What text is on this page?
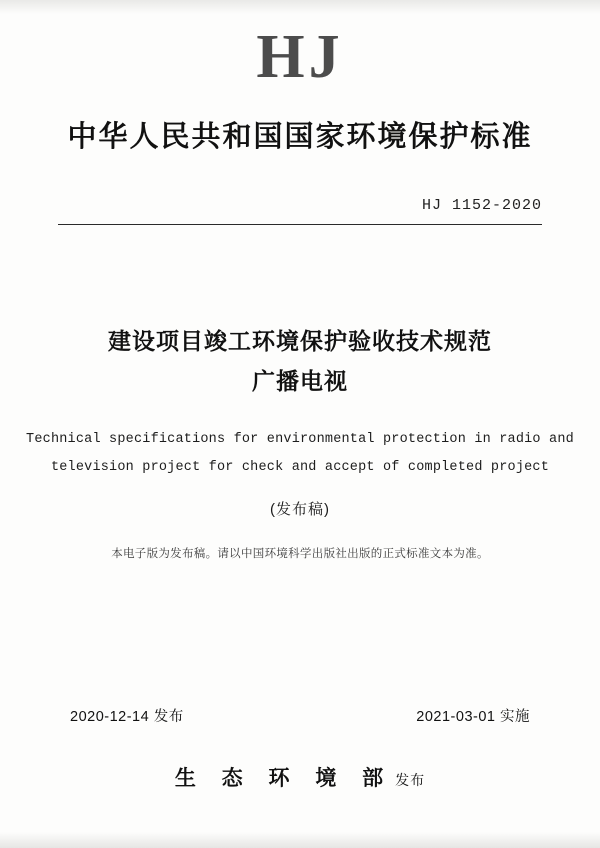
HJ
中华人民共和国国家环境保护标准
HJ 1152-2020
建设项目竣工环境保护验收技术规范
广播电视
Technical specifications for environmental protection in radio and
television project for check and accept of completed project
(发布稿)
本电子版为发布稿。请以中国环境科学出版社出版的正式标准文本为准。
2020-12-14 发布	2021-03-01 实施
生 态 环 境 部 发布
